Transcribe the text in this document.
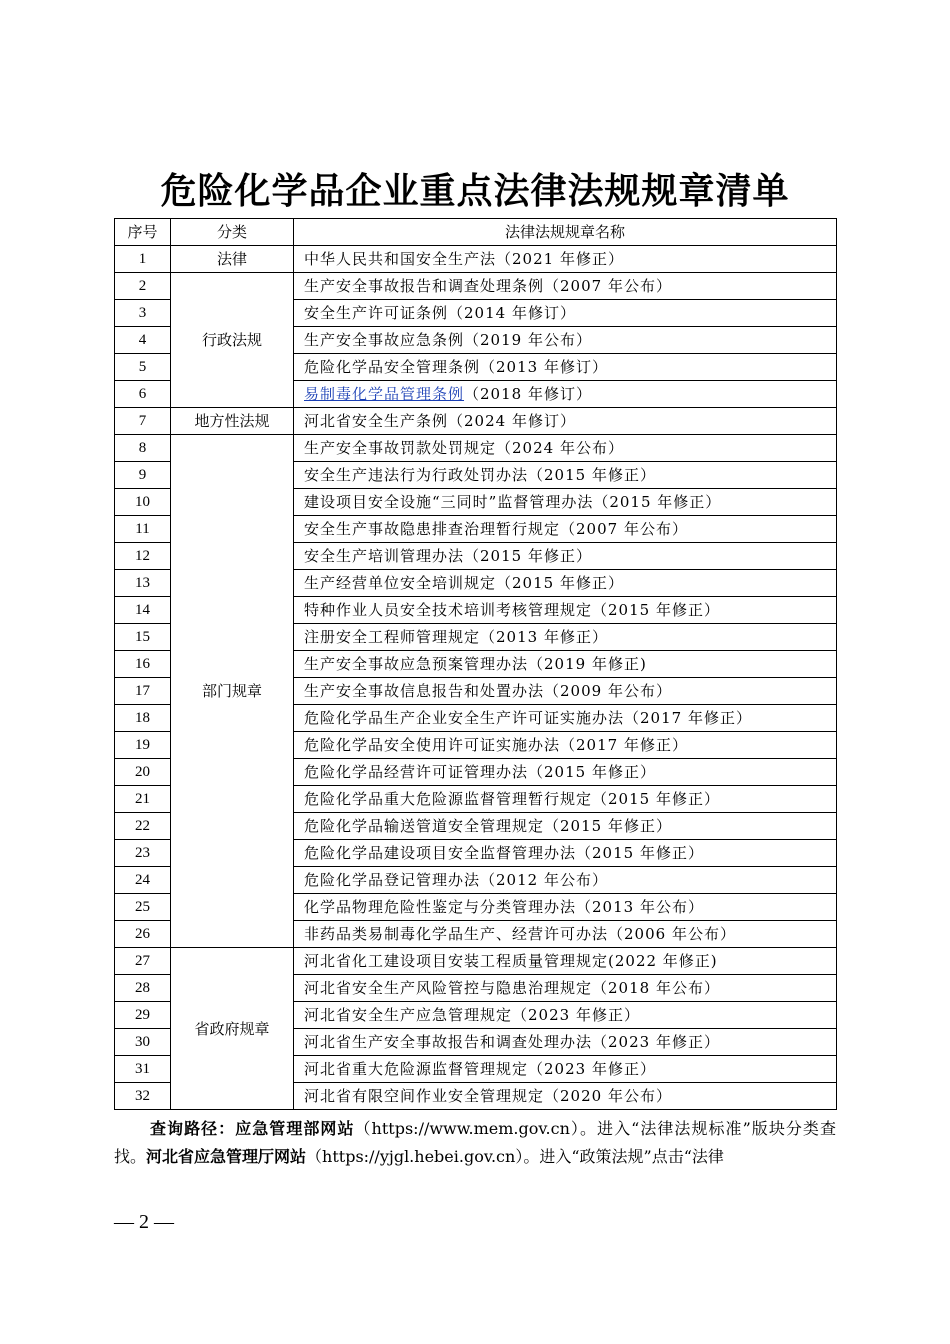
危险化学品企业重点法律法规规章清单
序号	分类	法律法规规章名称
1	法律	中华人民共和国安全生产法（2021 年修正）
2	行政法规	生产安全事故报告和调查处理条例（2007 年公布）
3		安全生产许可证条例（2014 年修订）
4		生产安全事故应急条例（2019 年公布）
5		危险化学品安全管理条例（2013 年修订）
6		易制毒化学品管理条例（2018 年修订）
7	地方性法规	河北省安全生产条例（2024 年修订）
8	部门规章	生产安全事故罚款处罚规定（2024 年公布）
9		安全生产违法行为行政处罚办法（2015 年修正）
10		建设项目安全设施“三同时”监督管理办法（2015 年修正）
11		安全生产事故隐患排查治理暂行规定（2007 年公布）
12		安全生产培训管理办法（2015 年修正）
13		生产经营单位安全培训规定（2015 年修正）
14		特种作业人员安全技术培训考核管理规定（2015 年修正）
15		注册安全工程师管理规定（2013 年修正）
16		生产安全事故应急预案管理办法（2019 年修正)
17		生产安全事故信息报告和处置办法（2009 年公布）
18		危险化学品生产企业安全生产许可证实施办法（2017 年修正）
19		危险化学品安全使用许可证实施办法（2017 年修正）
20		危险化学品经营许可证管理办法（2015 年修正）
21		危险化学品重大危险源监督管理暂行规定（2015 年修正）
22		危险化学品输送管道安全管理规定（2015 年修正）
23		危险化学品建设项目安全监督管理办法（2015 年修正）
24		危险化学品登记管理办法（2012 年公布）
25		化学品物理危险性鉴定与分类管理办法（2013 年公布）
26		非药品类易制毒化学品生产、经营许可办法（2006 年公布）
27	省政府规章	河北省化工建设项目安装工程质量管理规定(2022 年修正)
28		河北省安全生产风险管控与隐患治理规定（2018 年公布）
29		河北省安全生产应急管理规定（2023 年修正）
30		河北省生产安全事故报告和调查处理办法（2023 年修正）
31		河北省重大危险源监督管理规定（2023 年修正）
32		河北省有限空间作业安全管理规定（2020 年公布）

查询路径：应急管理部网站（https://www.mem.gov.cn）。进入“法律法规标准”版块分类查找。河北省应急管理厅网站（https://yjgl.hebei.gov.cn）。进入“政策法规”点击“法律

— 2 —
